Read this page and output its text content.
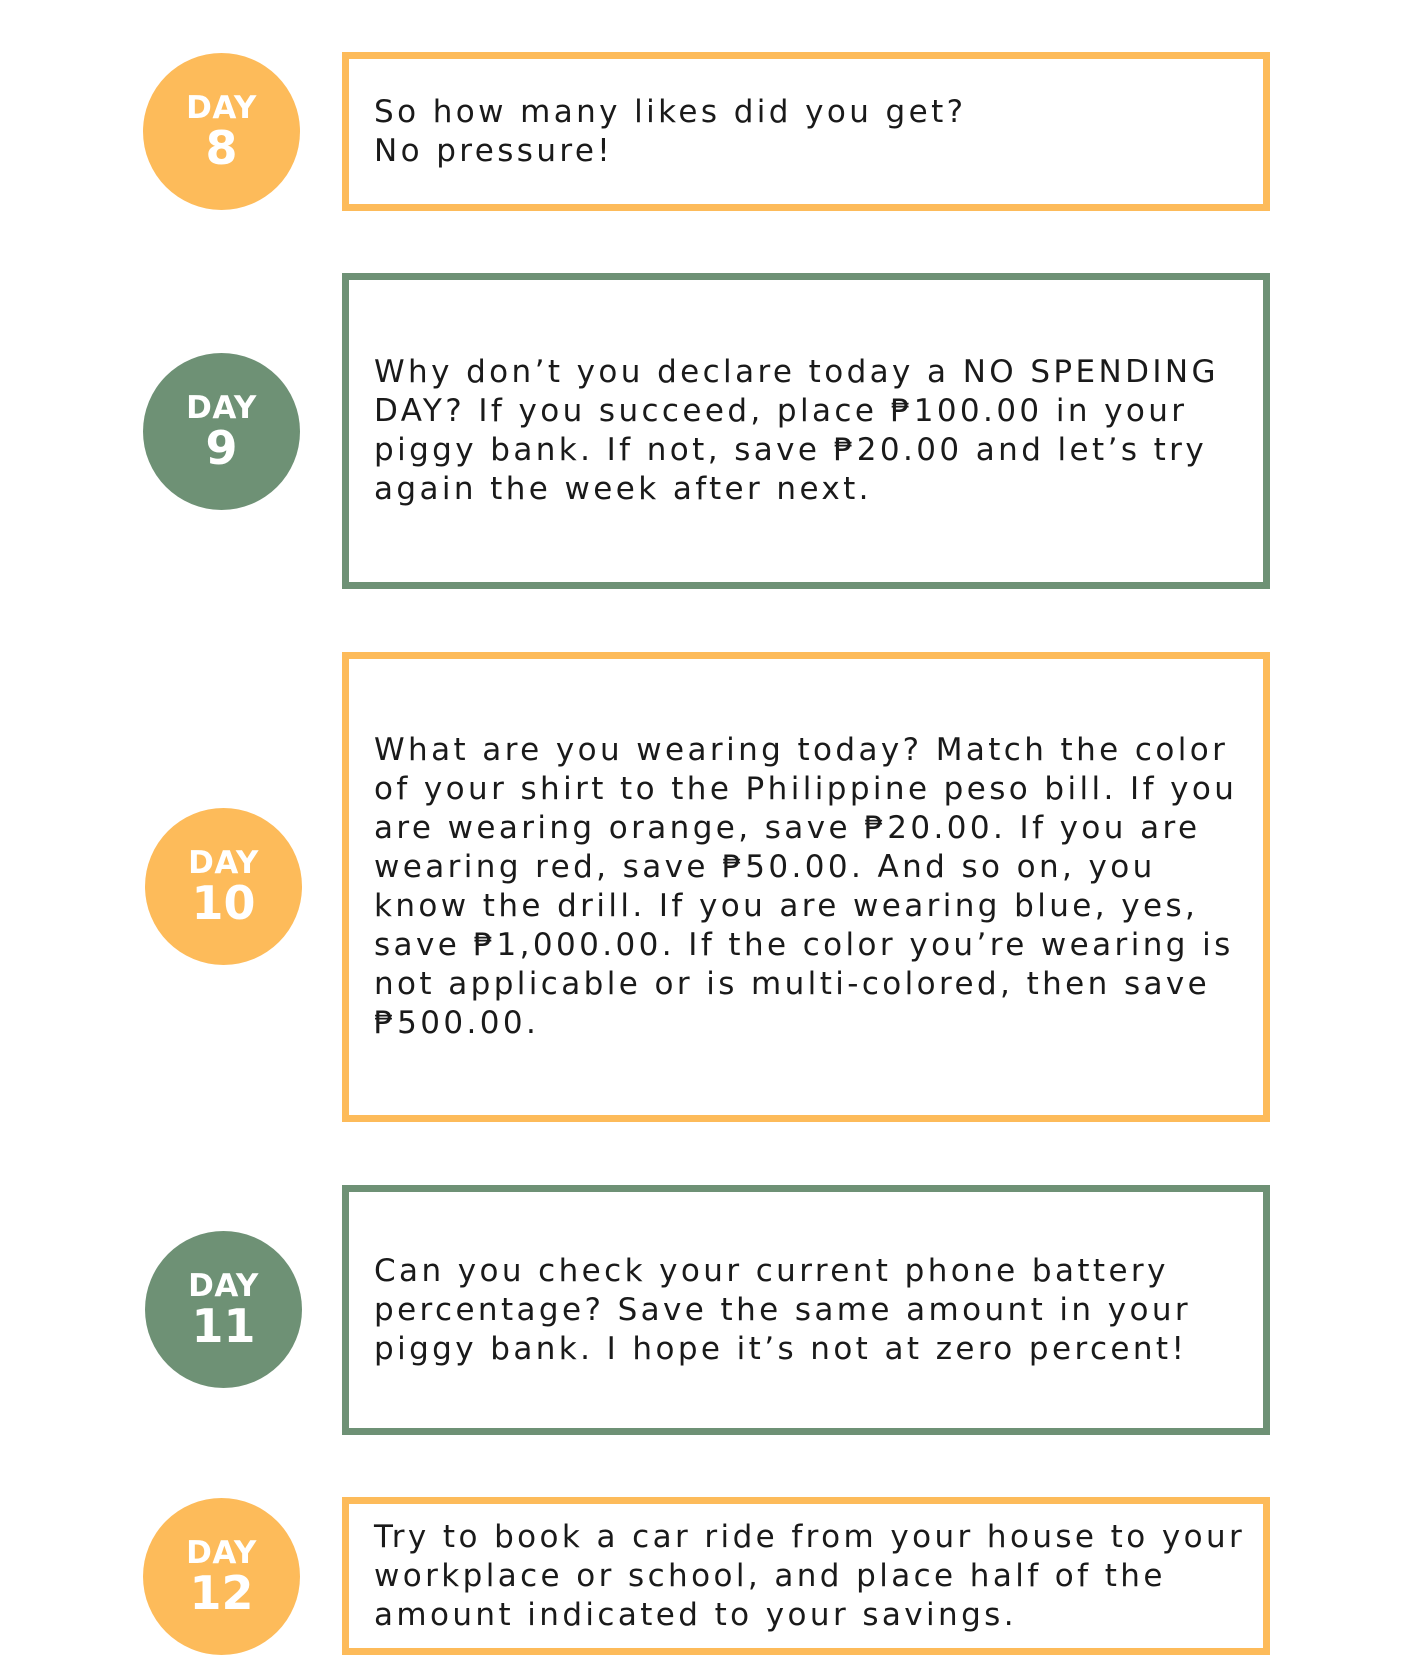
DAY
8
So how many likes did you get?
No pressure!
DAY
9
Why don’t you declare today a NO SPENDING DAY? If you succeed, place ₱100.00 in your piggy bank. If not, save ₱20.00 and let’s try again the week after next.
DAY
10
What are you wearing today? Match the color of your shirt to the Philippine peso bill. If you are wearing orange, save ₱20.00. If you are wearing red, save ₱50.00. And so on, you know the drill. If you are wearing blue, yes, save ₱1,000.00. If the color you’re wearing is not applicable or is multi-colored, then save ₱500.00.
DAY
11
Can you check your current phone battery percentage? Save the same amount in your piggy bank. I hope it’s not at zero percent!
DAY
12
Try to book a car ride from your house to your workplace or school, and place half of the amount indicated to your savings.
